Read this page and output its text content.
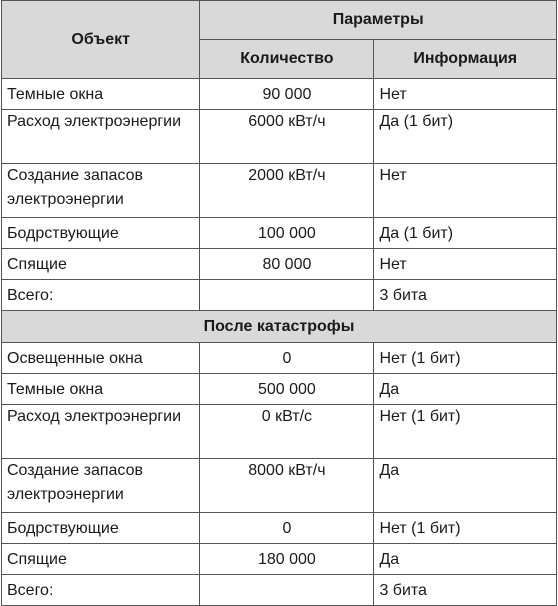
Объект	Параметры	
	Количество	Информация
Темные окна	90 000	Нет
Расход электроэнергии	6000 кВт/ч	Да (1 бит)
Создание запасов электроэнергии	2000 кВт/ч	Нет
Бодрствующие	100 000	Да (1 бит)
Спящие	80 000	Нет
Всего:		3 бита
После катастрофы		
Освещенные окна	0	Нет (1 бит)
Темные окна	500 000	Да
Расход электроэнергии	0 кВт/с	Нет (1 бит)
Создание запасов электроэнергии	8000 кВт/ч	Да
Бодрствующие	0	Нет (1 бит)
Спящие	180 000	Да
Всего:		3 бита
